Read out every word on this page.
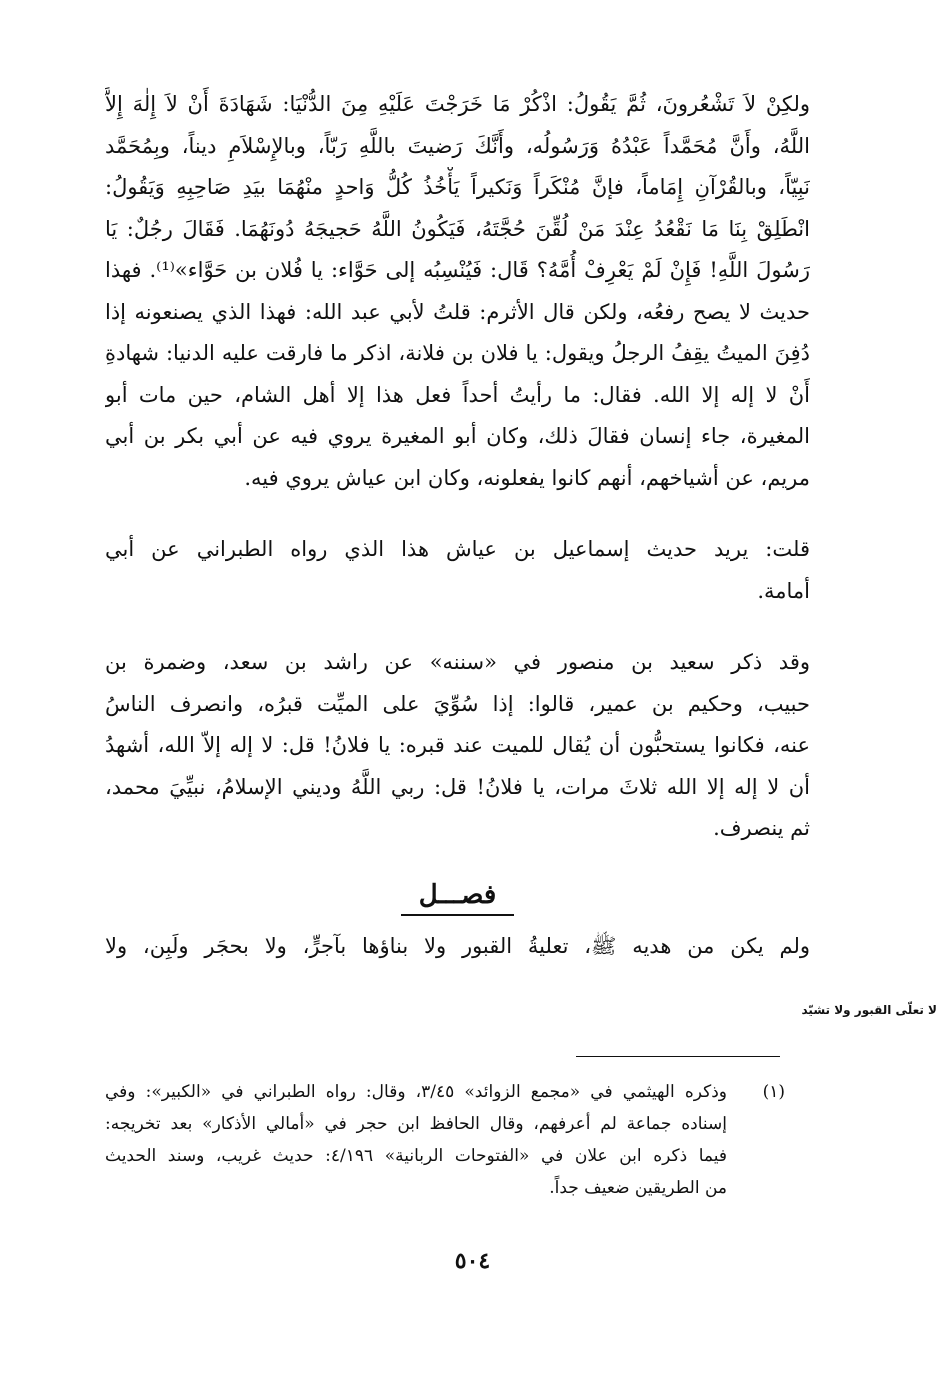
ولكِنْ لاَ تَشْعُرونَ، ثُمَّ يَقُولُ: اذْكُرْ مَا خَرَجْتَ عَلَيْهِ مِنَ الدُّنْيَا: شَهَادَةَ أَنْ لاَ إِلٰهَ إِلاَّ
اللَّهُ، وأَنَّ مُحَمَّداً عَبْدُهُ وَرَسُولُه، وأَنَّكَ رَضيتَ باللَّهِ رَبّاً، وبالإِسْلاَمِ ديناً، وبِمُحَمَّد
نَبِيّاً، وبالقُرْآنِ إِمَاماً، فإنَّ مُنْكَراً وَنَكيراً يَأْخُذُ كُلُّ وَاحدٍ منْهُمَا بيَدِ صَاحِبِهِ وَيَقُولُ:
انْطَلِقْ بِنَا مَا نَقْعُدُ عِنْدَ مَنْ لُقِّنَ حُجَّتَهُ، فَيَكُونُ اللَّهُ حَجيجَهُ دُونَهُمَا. فَقَالَ رجُلٌ: يَا
رَسُولَ اللَّهِ! فَإِنْ لَمْ يَعْرِفْ أُمَّهُ؟ قَال: فَيُنْسِبُه إلى حَوَّاء: يا فُلان بن حَوَّاء»⁽¹⁾. فهذا
حديث لا يصح رفعُه، ولكن قال الأثرم: قلتُ لأبي عبد الله: فهذا الذي يصنعونه إذا
دُفِنَ الميتُ يقِفُ الرجلُ ويقول: يا فلان بن فلانة، اذكر ما فارقت عليه الدنيا: شهادةِ
أَنْ لا إله إلا الله. فقال: ما رأيتُ أحداً فعل هذا إلا أهل الشام، حين مات أبو
المغيرة، جاء إنسان فقالَ ذلك، وكان أبو المغيرة يروي فيه عن أبي بكر بن أبي
مريم، عن أشياخهم، أنهم كانوا يفعلونه، وكان ابن عياش يروي فيه.

قلت: يريد حديث إسماعيل بن عياش هذا الذي رواه الطبراني عن أبي
أمامة.

وقد ذكر سعيد بن منصور في «سننه» عن راشد بن سعد، وضمرة بن
حبيب، وحكيم بن عمير، قالوا: إذا سُوِّيَ على الميِّت قبرُه، وانصرف الناسُ
عنه، فكانوا يستحبُّون أن يُقال للميت عند قبره: يا فلانُ! قل: لا إله إلاّ الله، أشهدُ
أن لا إله إلا الله ثلاثَ مرات، يا فلانُ! قل: ربي اللَّهُ وديني الإسلامُ، نبيِّيَ محمد،
ثم ينصرف.

فصـــل

ولم يكن من هديه ﷺ، تعليةُ القبور ولا بناؤها بآجرٍّ، ولا بحجَر ولَبِن، ولا

لا تعلّى القبور ولا تشيّد
(١)
وذكره الهيثمي في «مجمع الزوائد» ٣/٤٥، وقال: رواه الطبراني في «الكبير»: وفي
إسناده جماعة لم أعرفهم، وقال الحافظ ابن حجر في «أمالي الأذكار» بعد تخريجه:
فيما ذكره ابن علان في «الفتوحات الربانية» ٤/١٩٦: حديث غريب، وسند الحديث
من الطريقين ضعيف جداً.
٥٠٤
